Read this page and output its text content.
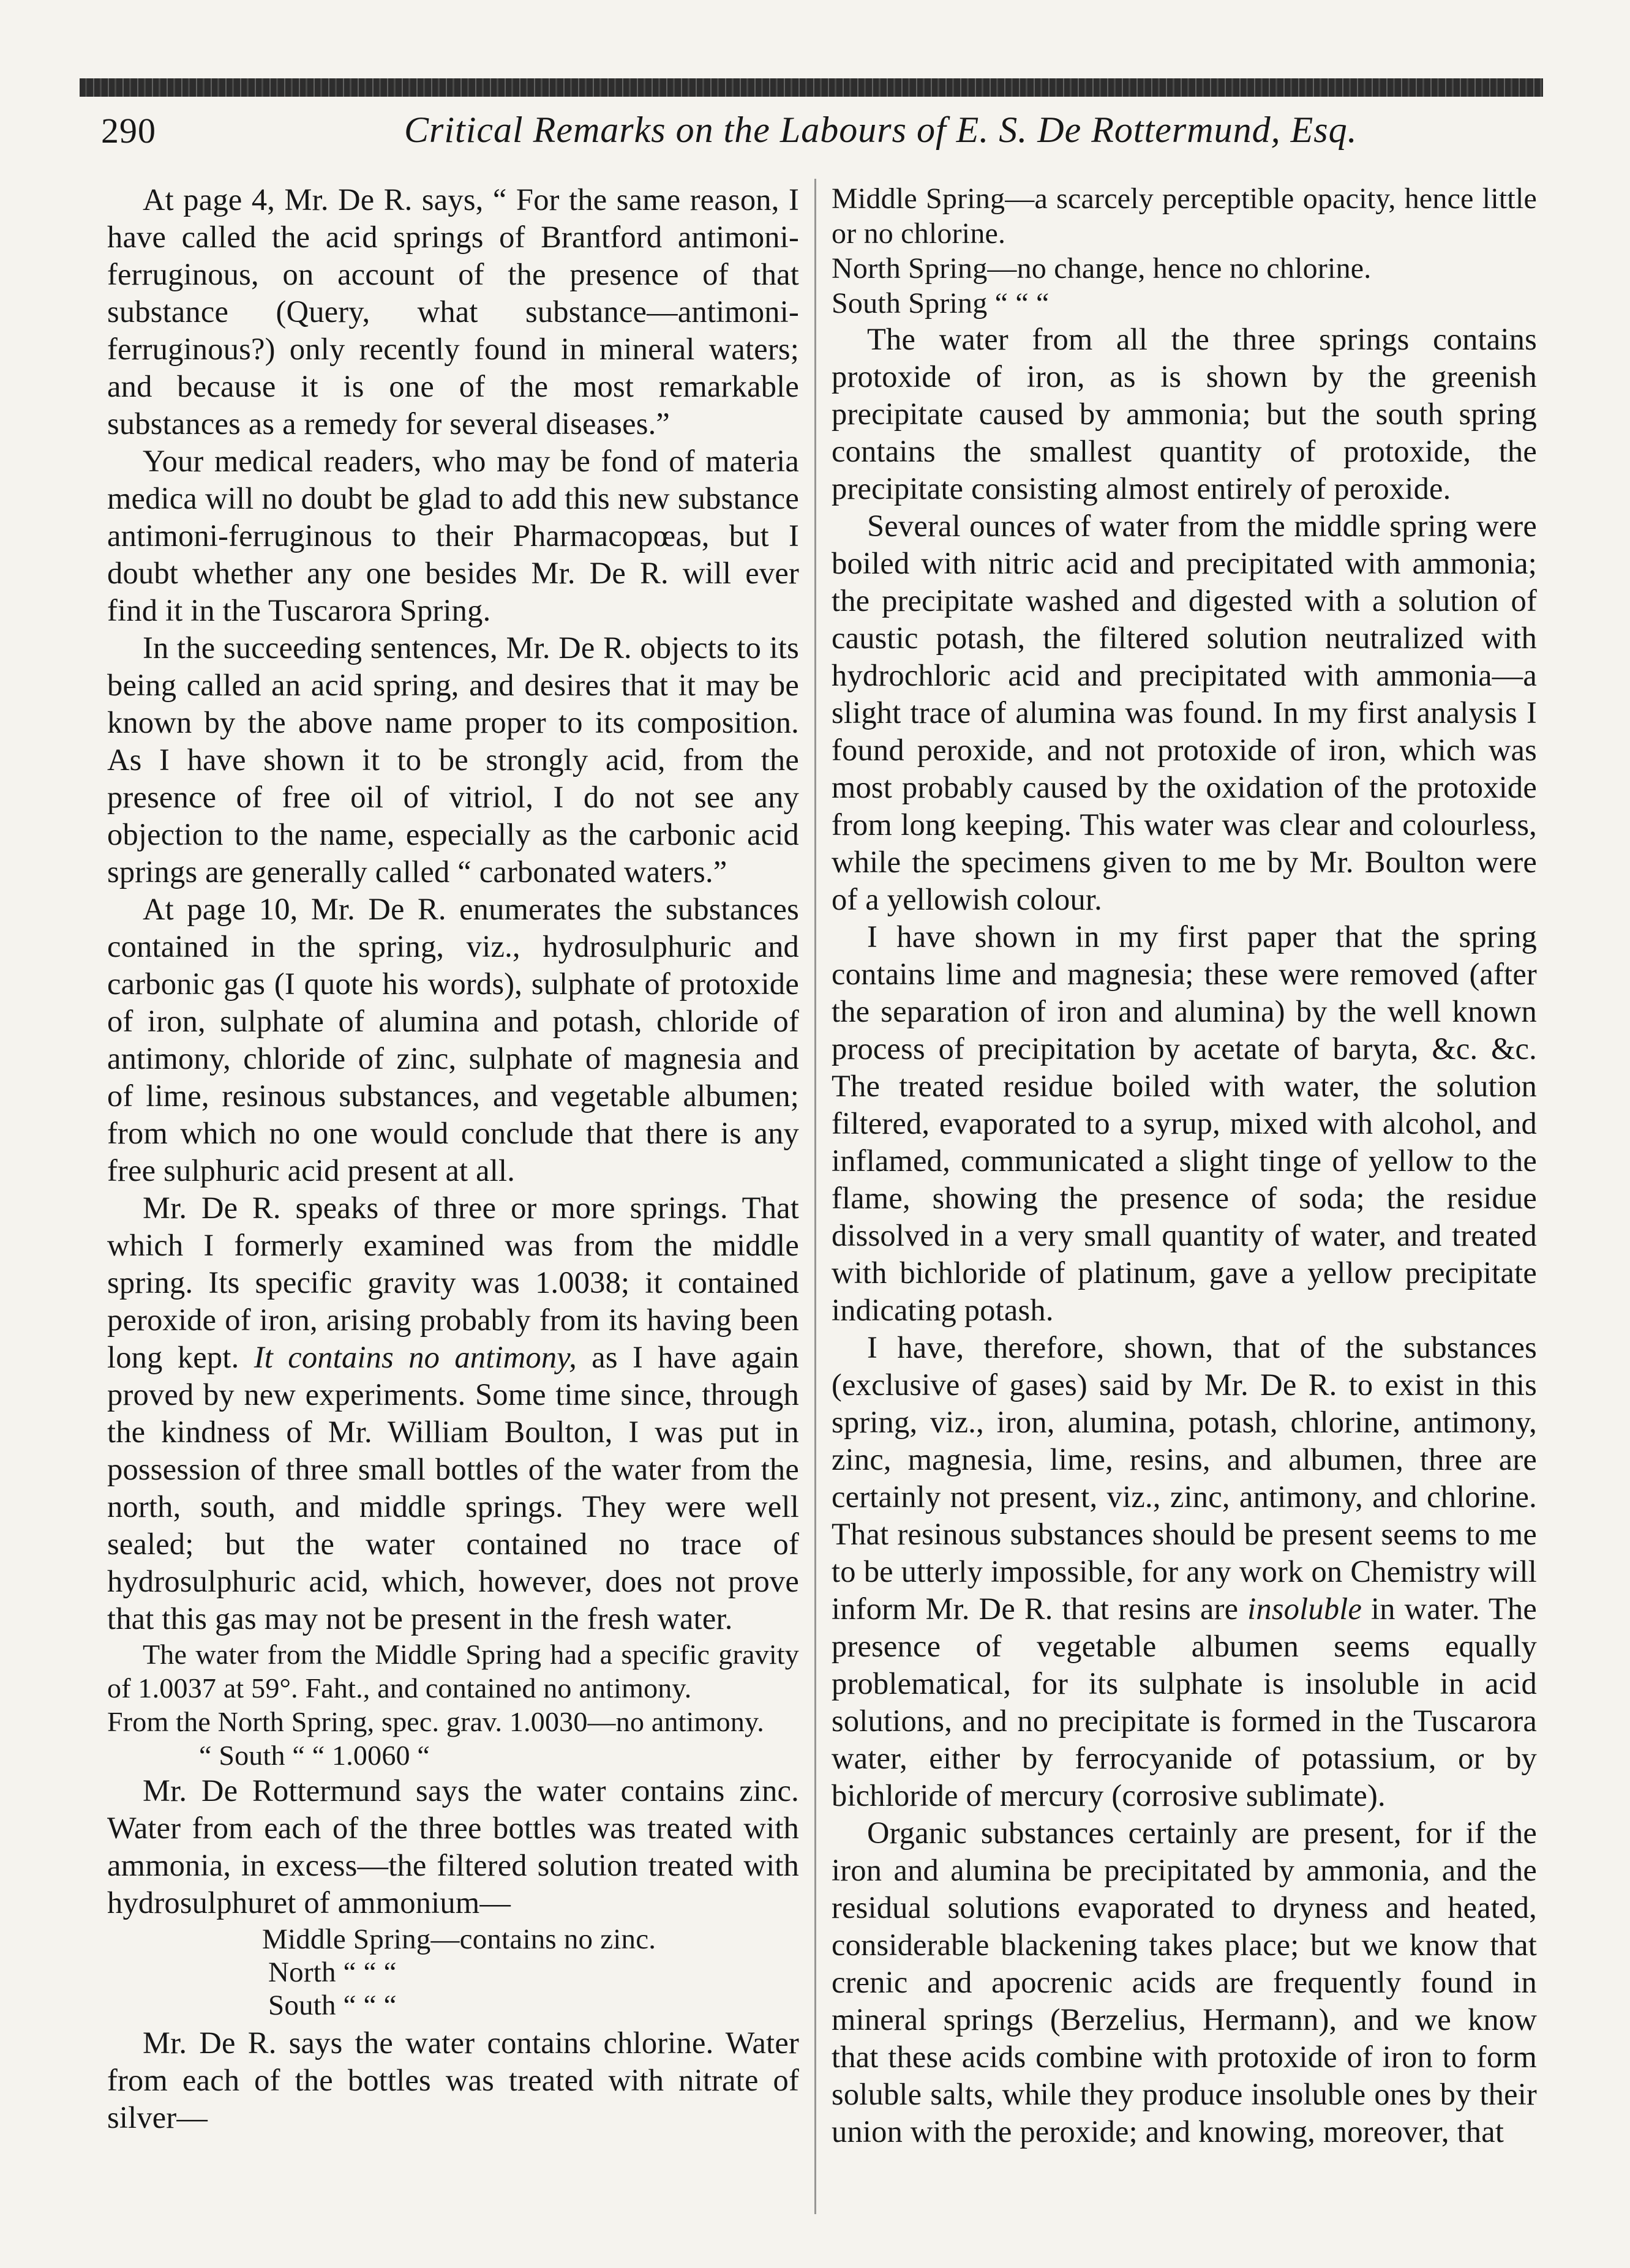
290	Critical Remarks on the Labours of E. S. De Rottermund, Esq.

At page 4, Mr. De R. says, “ For the same reason, I have called the acid springs of Brantford antimoni-ferruginous, on account of the presence of that substance (Query, what substance—antimoni-ferruginous?) only recently found in mineral waters; and because it is one of the most remarkable substances as a remedy for several diseases.”

Your medical readers, who may be fond of materia medica will no doubt be glad to add this new substance antimoni-ferruginous to their Pharmacopœas, but I doubt whether any one besides Mr. De R. will ever find it in the Tuscarora Spring.

In the succeeding sentences, Mr. De R. objects to its being called an acid spring, and desires that it may be known by the above name proper to its composition. As I have shown it to be strongly acid, from the presence of free oil of vitriol, I do not see any objection to the name, especially as the carbonic acid springs are generally called “ carbonated waters.”

At page 10, Mr. De R. enumerates the substances contained in the spring, viz., hydrosulphuric and carbonic gas (I quote his words), sulphate of protoxide of iron, sulphate of alumina and potash, chloride of antimony, chloride of zinc, sulphate of magnesia and of lime, resinous substances, and vegetable albumen; from which no one would conclude that there is any free sulphuric acid present at all.

Mr. De R. speaks of three or more springs. That which I formerly examined was from the middle spring. Its specific gravity was 1.0038; it contained peroxide of iron, arising probably from its having been long kept. It contains no antimony, as I have again proved by new experiments. Some time since, through the kindness of Mr. William Boulton, I was put in possession of three small bottles of the water from the north, south, and middle springs. They were well sealed; but the water contained no trace of hydrosulphuric acid, which, however, does not prove that this gas may not be present in the fresh water.

The water from the Middle Spring had a specific gravity of 1.0037 at 59°. Faht., and contained no antimony.

From the North Spring, spec. grav. 1.0030—no antimony.

“ South “ “ 1.0060 “

Mr. De Rottermund says the water contains zinc. Water from each of the three bottles was treated with ammonia, in excess—the filtered solution treated with hydrosulphuret of ammonium—

Middle Spring—contains no zinc.

North “ “ “

South “ “ “

Mr. De R. says the water contains chlorine. Water from each of the bottles was treated with nitrate of silver—

Middle Spring—a scarcely perceptible opacity, hence little or no chlorine.

North Spring—no change, hence no chlorine.

South Spring “ “ “

The water from all the three springs contains protoxide of iron, as is shown by the greenish precipitate caused by ammonia; but the south spring contains the smallest quantity of protoxide, the precipitate consisting almost entirely of peroxide.

Several ounces of water from the middle spring were boiled with nitric acid and precipitated with ammonia; the precipitate washed and digested with a solution of caustic potash, the filtered solution neutralized with hydrochloric acid and precipitated with ammonia—a slight trace of alumina was found. In my first analysis I found peroxide, and not protoxide of iron, which was most probably caused by the oxidation of the protoxide from long keeping. This water was clear and colourless, while the specimens given to me by Mr. Boulton were of a yellowish colour.

I have shown in my first paper that the spring contains lime and magnesia; these were removed (after the separation of iron and alumina) by the well known process of precipitation by acetate of baryta, &c. &c. The treated residue boiled with water, the solution filtered, evaporated to a syrup, mixed with alcohol, and inflamed, communicated a slight tinge of yellow to the flame, showing the presence of soda; the residue dissolved in a very small quantity of water, and treated with bichloride of platinum, gave a yellow precipitate indicating potash.

I have, therefore, shown, that of the substances (exclusive of gases) said by Mr. De R. to exist in this spring, viz., iron, alumina, potash, chlorine, antimony, zinc, magnesia, lime, resins, and albumen, three are certainly not present, viz., zinc, antimony, and chlorine. That resinous substances should be present seems to me to be utterly impossible, for any work on Chemistry will inform Mr. De R. that resins are insoluble in water. The presence of vegetable albumen seems equally problematical, for its sulphate is insoluble in acid solutions, and no precipitate is formed in the Tuscarora water, either by ferrocyanide of potassium, or by bichloride of mercury (corrosive sublimate).

Organic substances certainly are present, for if the iron and alumina be precipitated by ammonia, and the residual solutions evaporated to dryness and heated, considerable blackening takes place; but we know that crenic and apocrenic acids are frequently found in mineral springs (Berzelius, Hermann), and we know that these acids combine with protoxide of iron to form soluble salts, while they produce insoluble ones by their union with the peroxide; and knowing, moreover, that
